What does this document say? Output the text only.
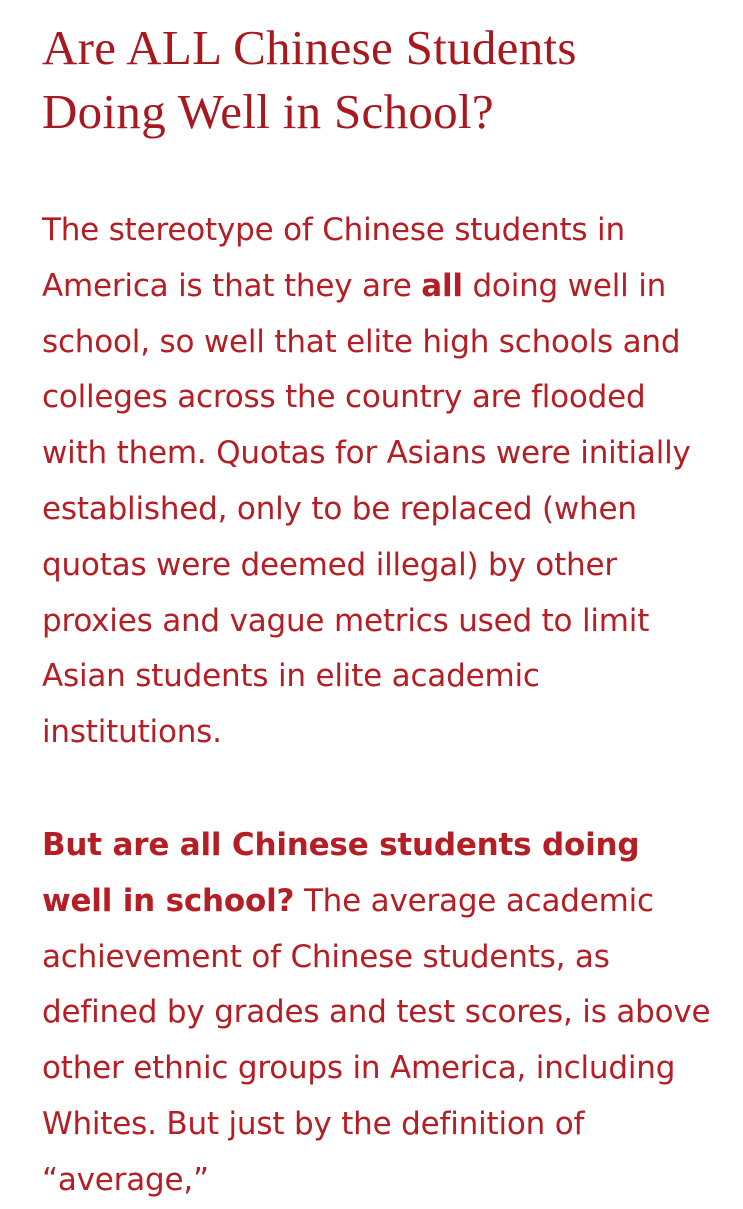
Are ALL Chinese Students Doing Well in School?

The stereotype of Chinese students in America is that they are all doing well in school, so well that elite high schools and colleges across the country are flooded with them. Quotas for Asians were initially established, only to be replaced (when quotas were deemed illegal) by other proxies and vague metrics used to limit Asian students in elite academic institutions.

But are all Chinese students doing well in school? The average academic achievement of Chinese students, as defined by grades and test scores, is above other ethnic groups in America, including Whites. But just by the definition of “average,”
